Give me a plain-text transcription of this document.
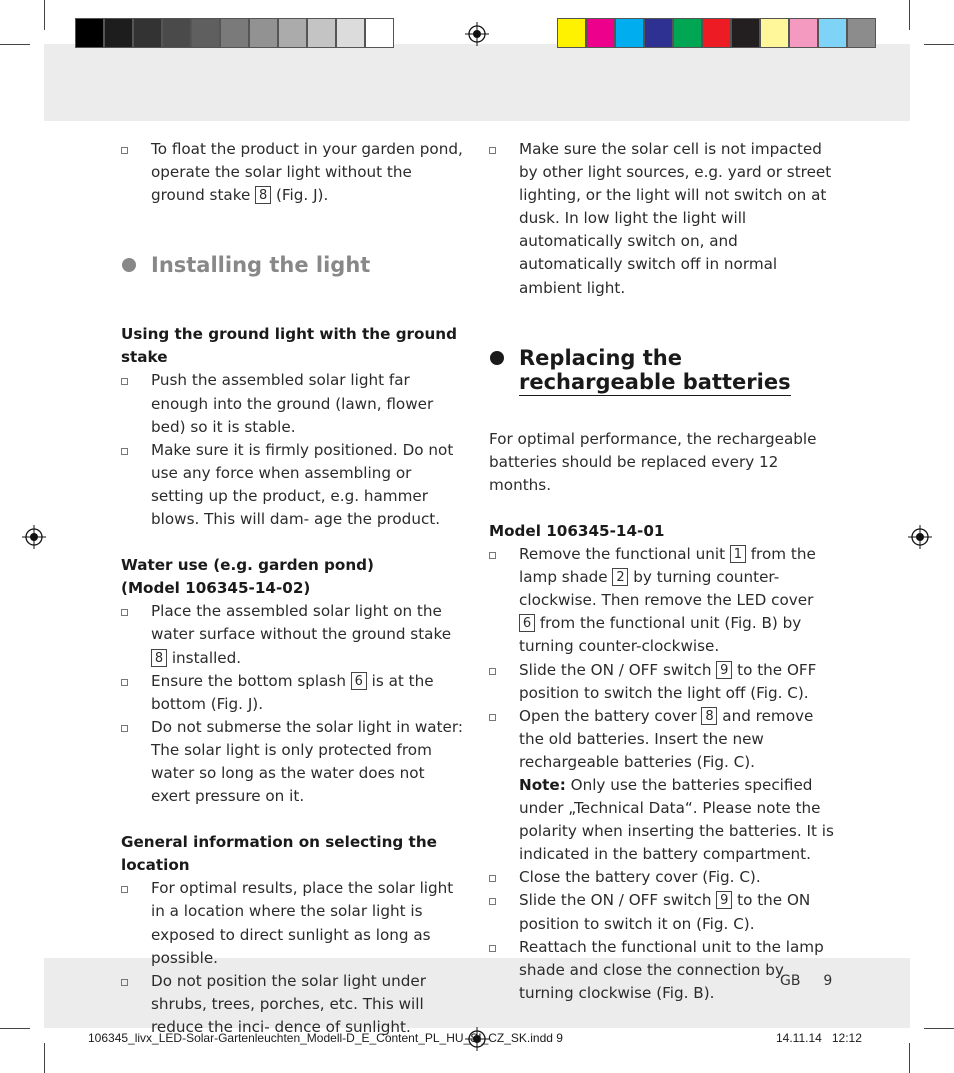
To float the product in your garden pond, operate the solar light without the ground stake 8 (Fig. J).

Installing the light

Using the ground light with the ground stake

Push the assembled solar light far enough into the ground (lawn, flower bed) so it is stable.

Make sure it is firmly positioned. Do not use any force when assembling or setting up the product, e.g. hammer blows. This will dam- age the product.

Water use (e.g. garden pond)
(Model 106345-14-02)

Place the assembled solar light on the water surface without the ground stake 8 installed.

Ensure the bottom splash 6 is at the bottom (Fig. J).

Do not submerse the solar light in water: The solar light is only protected from water so long as the water does not exert pressure on it.

General information on selecting the location

For optimal results, place the solar light in a location where the solar light is exposed to direct sunlight as long as possible.

Do not position the solar light under shrubs, trees, porches, etc. This will reduce the inci- dence of sunlight.

Make sure the solar cell is not impacted by other light sources, e.g. yard or street lighting, or the light will not switch on at dusk. In low light the light will automatically switch on, and automatically switch off in normal ambient light.

Replacing the
rechargeable batteries

For optimal performance, the rechargeable batteries should be replaced every 12 months.

Model 106345-14-01

Remove the functional unit 1 from the lamp shade 2 by turning counter-clockwise. Then remove the LED cover 6 from the functional unit (Fig. B) by turning counter-clockwise.

Slide the ON / OFF switch 9 to the OFF position to switch the light off (Fig. C).

Open the battery cover 8 and remove the old batteries. Insert the new rechargeable batteries (Fig. C).
Note: Only use the batteries specified under „Technical Data“. Please note the polarity when inserting the batteries. It is indicated in the battery compartment.

Close the battery cover (Fig. C).

Slide the ON / OFF switch 9 to the ON position to switch it on (Fig. C).

Reattach the functional unit to the lamp shade and close the connection by turning clockwise (Fig. B).

GB 9
106345_livx_LED-Solar-Gartenleuchten_Modell-D_E_Content_PL_HU_SI_CZ_SK.indd 9	14.11.14 12:12
